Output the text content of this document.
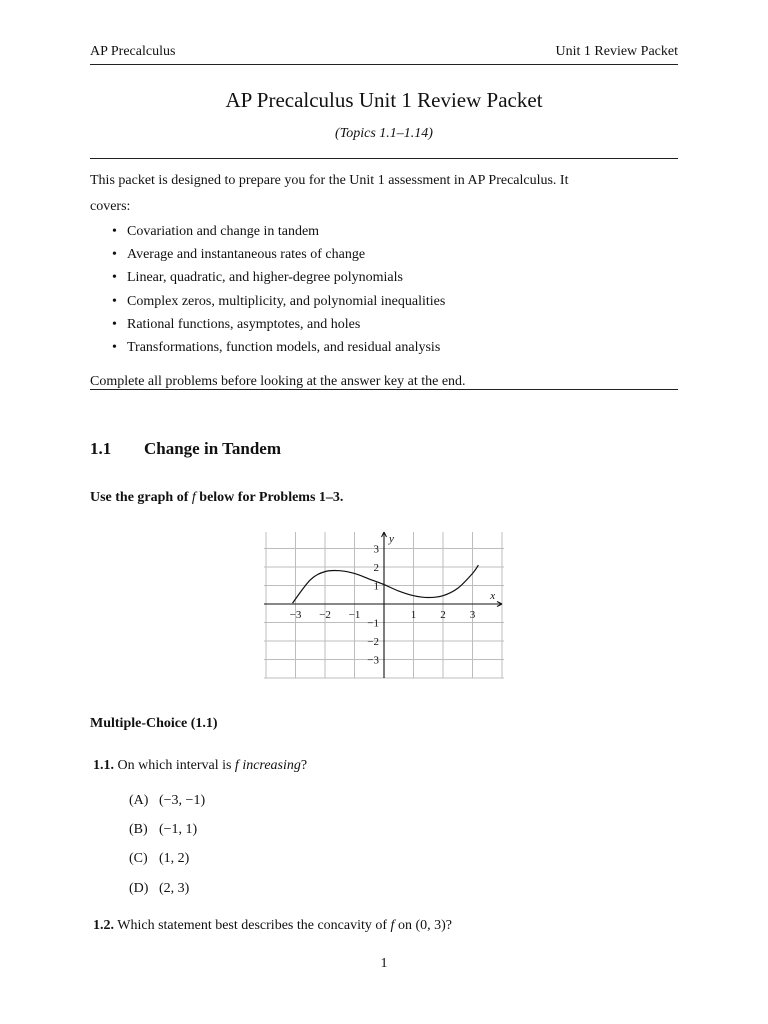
AP Precalculus	Unit 1 Review Packet
AP Precalculus Unit 1 Review Packet
(Topics 1.1–1.14)
This packet is designed to prepare you for the Unit 1 assessment in AP Precalculus. It
covers:
• Covariation and change in tandem
• Average and instantaneous rates of change
• Linear, quadratic, and higher-degree polynomials
• Complex zeros, multiplicity, and polynomial inequalities
• Rational functions, asymptotes, and holes
• Transformations, function models, and residual analysis
Complete all problems before looking at the answer key at the end.
1.1 Change in Tandem
Use the graph of f below for Problems 1–3.
x
y
−3 −2 −1	1 2 3
3
2
1
−1
−2
−3
Multiple-Choice (1.1)
1.1. On which interval is f increasing?
(A) (−3, −1)
(B) (−1, 1)
(C) (1, 2)
(D) (2, 3)
1.2. Which statement best describes the concavity of f on (0, 3)?
1
